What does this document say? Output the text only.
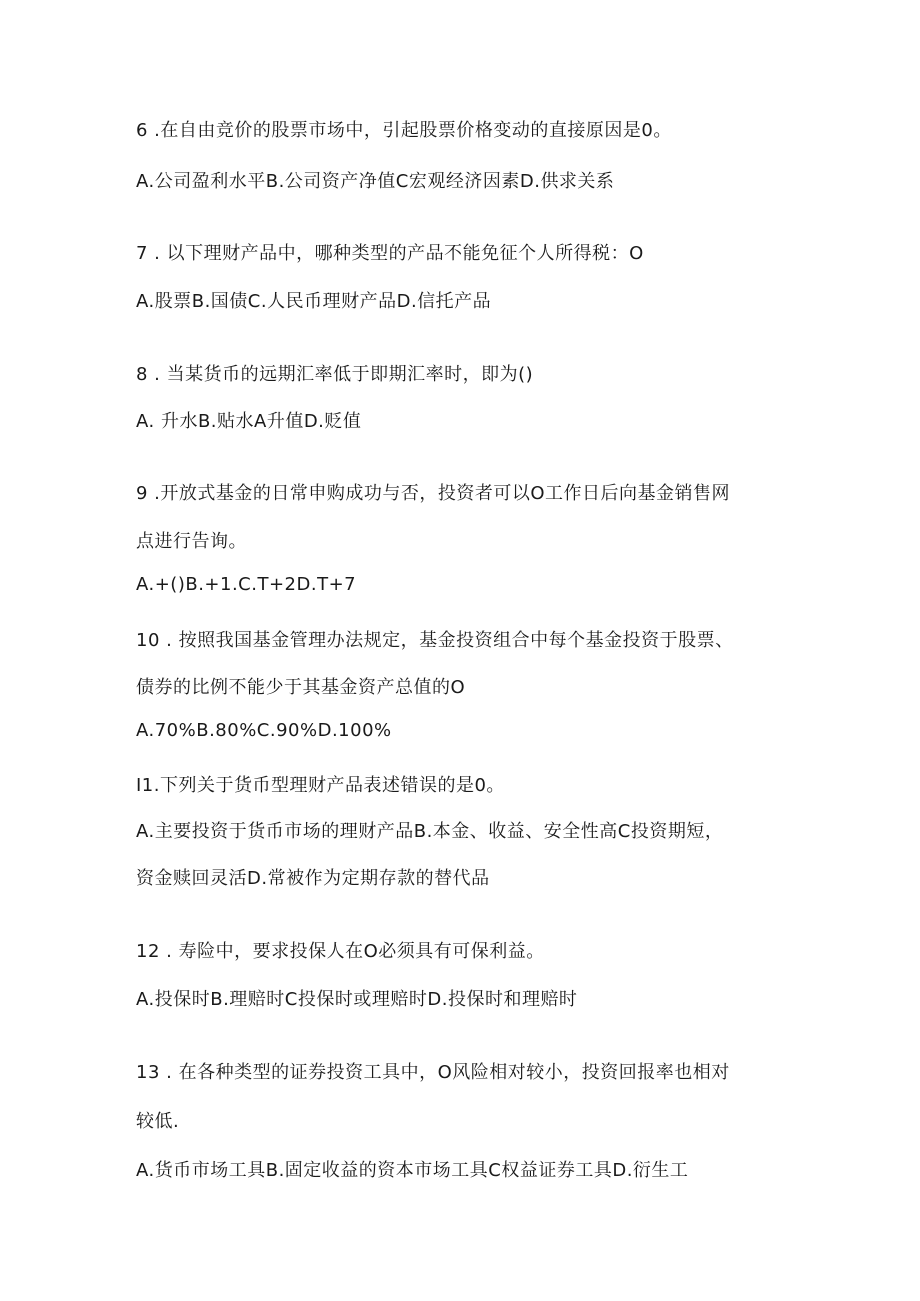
6 .在自由竞价的股票市场中，引起股票价格变动的直接原因是0。
A.公司盈利水平B.公司资产净值C宏观经济因素D.供求关系
7 . 以下理财产品中，哪种类型的产品不能免征个人所得税：O
A.股票B.国债C.人民币理财产品D.信托产品
8 . 当某货币的远期汇率低于即期汇率时，即为()
A. 升水B.贴水A升值D.贬值
9 .开放式基金的日常申购成功与否，投资者可以O工作日后向基金销售网
点进行告询。
A.+()B.+1.C.T+2D.T+7
10 . 按照我国基金管理办法规定，基金投资组合中每个基金投资于股票、
债券的比例不能少于其基金资产总值的O
A.70%B.80%C.90%D.100%
I1.下列关于货币型理财产品表述错误的是0。
A.主要投资于货币市场的理财产品B.本金、收益、安全性高C投资期短，
资金赎回灵活D.常被作为定期存款的替代品
12 . 寿险中，要求投保人在O必须具有可保利益。
A.投保时B.理赔时C投保时或理赔时D.投保时和理赔时
13 . 在各种类型的证券投资工具中，O风险相对较小，投资回报率也相对
较低.
A.货币市场工具B.固定收益的资本市场工具C权益证券工具D.衍生工
